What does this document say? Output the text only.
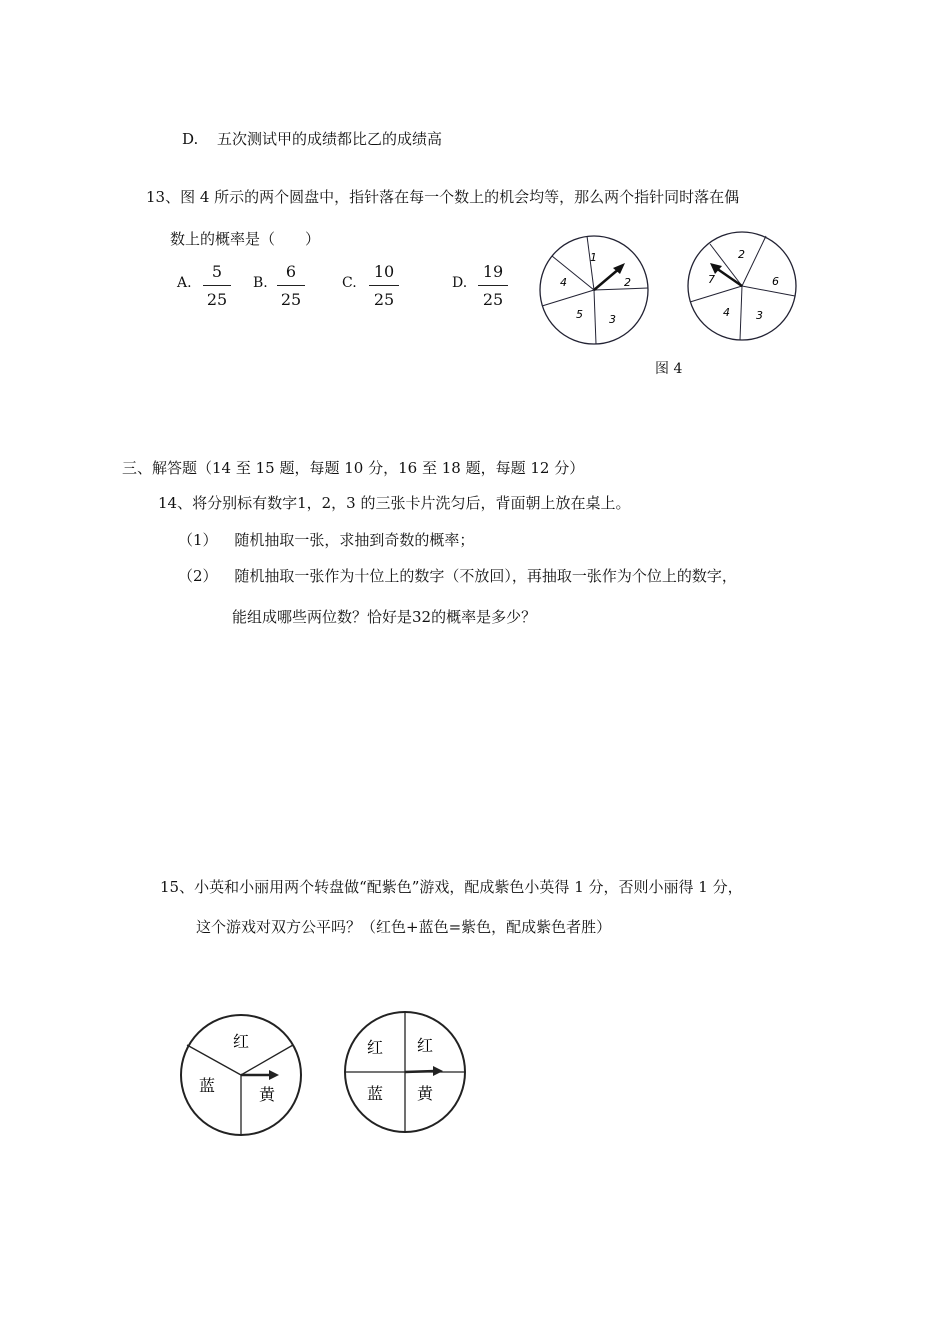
D. 五次测试甲的成绩都比乙的成绩高
13、图 4 所示的两个圆盘中，指针落在每一个数上的机会均等，那么两个指针同时落在偶
数上的概率是（　　）
A.
5
25
B.
6
25
C.
10
25
D.
19
25
1
2
3
5
4
2
6
3
4
7
图 4
三、解答题（14 至 15 题，每题 10 分，16 至 18 题，每题 12 分）
14、将分别标有数字1，2，3 的三张卡片洗匀后，背面朝上放在桌上。
（1） 随机抽取一张，求抽到奇数的概率；
（2） 随机抽取一张作为十位上的数字（不放回），再抽取一张作为个位上的数字，
能组成哪些两位数？恰好是32的概率是多少？
15、小英和小丽用两个转盘做“配紫色”游戏，配成紫色小英得 1 分，否则小丽得 1 分，
这个游戏对双方公平吗？（红色+蓝色=紫色，配成紫色者胜）
红
蓝	黄
红 红
蓝 黄
